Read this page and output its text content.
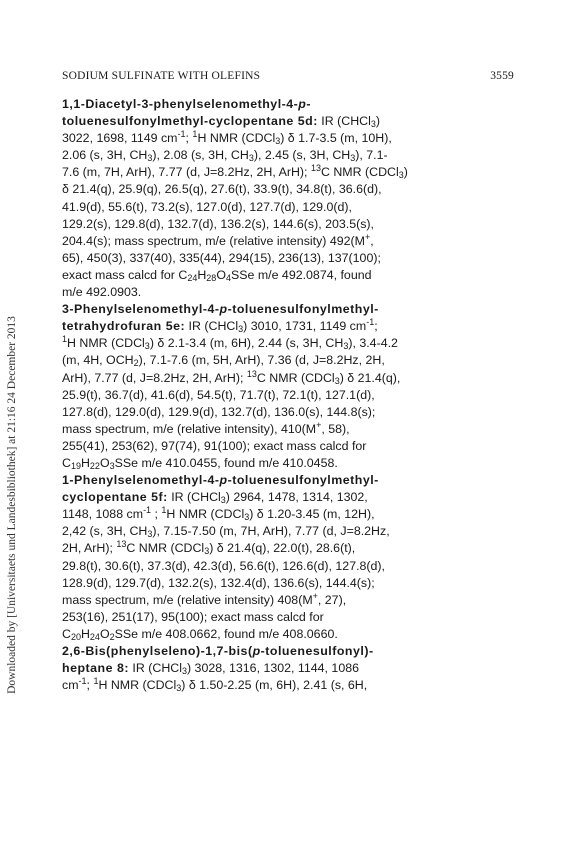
SODIUM SULFINATE WITH OLEFINS	3559
Downloaded by [Universitaets und Landesbibliothek] at 21:16 24 December 2013
1,1-Diacetyl-3-phenylselenomethyl-4-p-
toluenesulfonylmethyl-cyclopentane 5d: IR (CHCl$_3$)
3022, 1698, 1149 $cm^{-1}$; $^1$H NMR (CDCl$_3$) δ 1.7-3.5 (m, 10H),
2.06 (s, 3H, $CH_3$), 2.08 (s, 3H, $CH_3$), 2.45 (s, 3H, $CH_3$), 7.1-
7.6 (m, 7H, ArH), 7.77 (d, J=8.2Hz, 2H, ArH); $^{13}$C NMR (CDCl$_3$)
δ 21.4(q), 25.9(q), 26.5(q), 27.6(t), 33.9(t), 34.8(t), 36.6(d),
41.9(d), 55.6(t), 73.2(s), 127.0(d), 127.7(d), 129.0(d),
129.2(s), 129.8(d), 132.7(d), 136.2(s), 144.6(s), 203.5(s),
204.4(s); mass spectrum, m/e (relative intensity) 492(M+,
65), 450(3), 337(40), 335(44), 294(15), 236(13), 137(100);
exact mass calcd for $C_{24}H_{28}O_4SSe$ m/e 492.0874, found
m/e 492.0903.
3-Phenylselenomethyl-4-p-toluenesulfonylmethyl-
tetrahydrofuran 5e: IR (CHCl$_3$) 3010, 1731, 1149 $cm^{-1}$;
$^1$H NMR (CDCl$_3$) δ 2.1-3.4 (m, 6H), 2.44 (s, 3H, $CH_3$), 3.4-4.2
(m, 4H, $OCH_2$), 7.1-7.6 (m, 5H, ArH), 7.36 (d, J=8.2Hz, 2H,
ArH), 7.77 (d, J=8.2Hz, 2H, ArH); $^{13}$C NMR (CDCl$_3$) δ 21.4(q),
25.9(t), 36.7(d), 41.6(d), 54.5(t), 71.7(t), 72.1(t), 127.1(d),
127.8(d), 129.0(d), 129.9(d), 132.7(d), 136.0(s), 144.8(s);
mass spectrum, m/e (relative intensity), 410(M+, 58),
255(41), 253(62), 97(74), 91(100); exact mass calcd for
$C_{19}H_{22}O_3SSe$ m/e 410.0455, found m/e 410.0458.
1-Phenylselenomethyl-4-p-toluenesulfonylmethyl-
cyclopentane 5f: IR (CHCl$_3$) 2964, 1478, 1314, 1302,
1148, 1088 $cm^{-1}$ ; $^1$H NMR (CDCl$_3$) δ 1.20-3.45 (m, 12H),
2,42 (s, 3H, $CH_3$), 7.15-7.50 (m, 7H, ArH), 7.77 (d, J=8.2Hz,
2H, ArH); $^{13}$C NMR (CDCl$_3$) δ 21.4(q), 22.0(t), 28.6(t),
29.8(t), 30.6(t), 37.3(d), 42.3(d), 56.6(t), 126.6(d), 127.8(d),
128.9(d), 129.7(d), 132.2(s), 132.4(d), 136.6(s), 144.4(s);
mass spectrum, m/e (relative intensity) 408(M+, 27),
253(16), 251(17), 95(100); exact mass calcd for
$C_{20}H_{24}O_2SSe$ m/e 408.0662, found m/e 408.0660.
2,6-Bis(phenylseleno)-1,7-bis(p-toluenesulfonyl)-
heptane 8: IR (CHCl$_3$) 3028, 1316, 1302, 1144, 1086
$cm^{-1}$; $^1$H NMR (CDCl$_3$) δ 1.50-2.25 (m, 6H), 2.41 (s, 6H,
